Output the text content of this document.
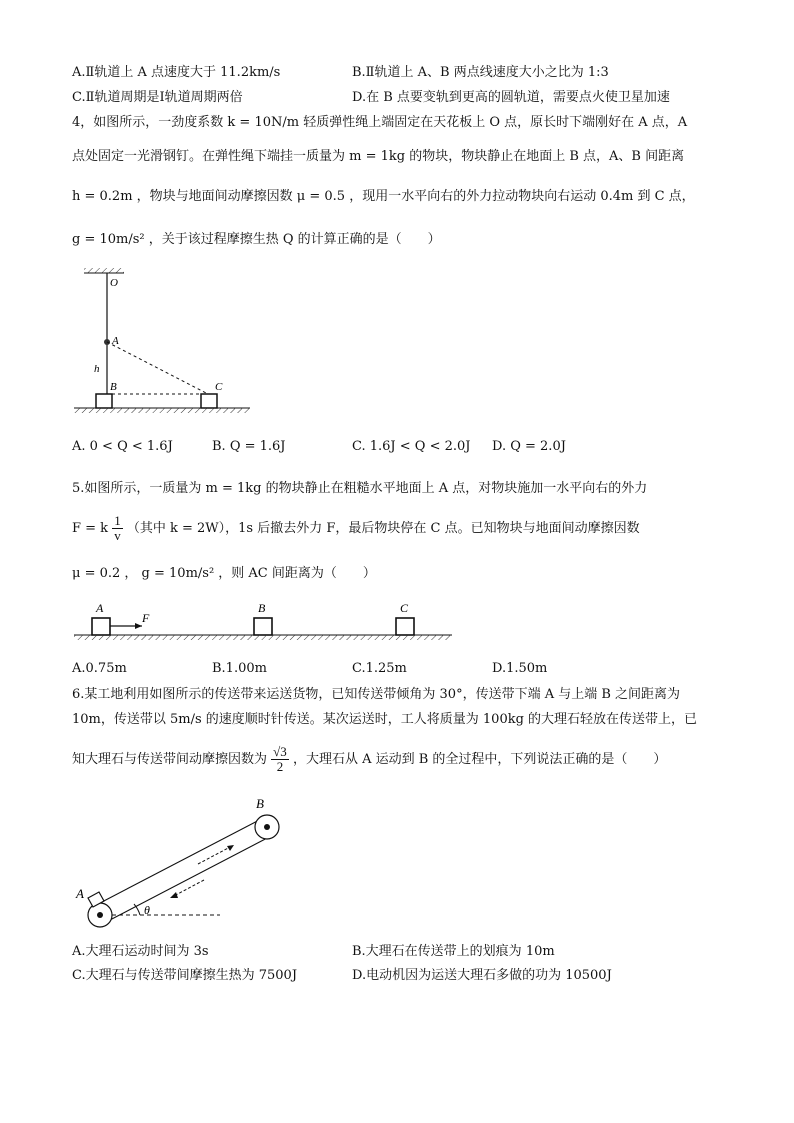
A.Ⅱ轨道上 A 点速度大于 11.2km/s	B.Ⅱ轨道上 A、B 两点线速度大小之比为 1:3
C.Ⅱ轨道周期是Ⅰ轨道周期两倍	D.在 B 点要变轨到更高的圆轨道，需要点火使卫星加速
4，如图所示，一劲度系数 k = 10N/m 轻质弹性绳上端固定在天花板上 O 点，原长时下端刚好在 A 点，A
点处固定一光滑钢钉。在弹性绳下端挂一质量为 m = 1kg 的物块，物块静止在地面上 B 点，A、B 间距离
h = 0.2m ，物块与地面间动摩擦因数 μ = 0.5 ，现用一水平向右的外力拉动物块向右运动 0.4m 到 C 点，
g = 10m/s² ，关于该过程摩擦生热 Q 的计算正确的是（　　）
O
A
h
B	C
A. 0 < Q < 1.6J	B. Q = 1.6J	C. 1.6J < Q < 2.0J D. Q = 2.0J
5.如图所示，一质量为 m = 1kg 的物块静止在粗糙水平地面上 A 点，对物块施加一水平向右的外力
F = k $\frac{1}{v}$ （其中 k = 2W），1s 后撤去外力 F，最后物块停在 C 点。已知物块与地面间动摩擦因数
μ = 0.2 ， g = 10m/s² ，则 AC 间距离为（　　）
A
F
B	C
A.0.75m	B.1.00m	C.1.25m	D.1.50m
6.某工地利用如图所示的传送带来运送货物，已知传送带倾角为 30°，传送带下端 A 与上端 B 之间距离为
10m，传送带以 5m/s 的速度顺时针传送。某次运送时，工人将质量为 100kg 的大理石轻放在传送带上，已
知大理石与传送带间动摩擦因数为 $\frac{√3}{2}$ ，大理石从 A 运动到 B 的全过程中，下列说法正确的是（　　）
A
B
θ
A.大理石运动时间为 3s	B.大理石在传送带上的划痕为 10m
C.大理石与传送带间摩擦生热为 7500J	D.电动机因为运送大理石多做的功为 10500J
